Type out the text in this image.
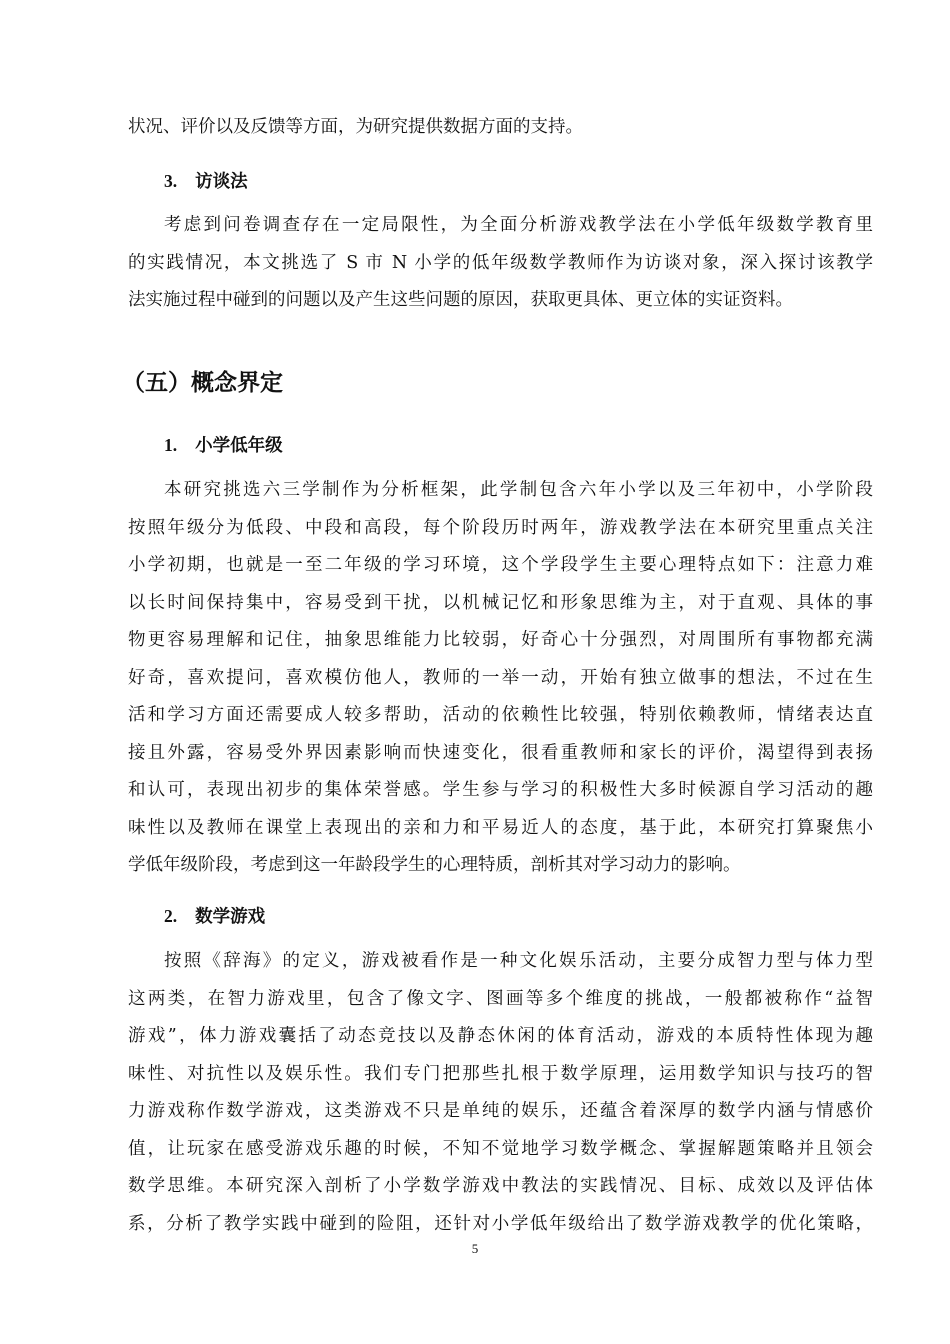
状况、评价以及反馈等方面，为研究提供数据方面的支持。

3. 访谈法

考虑到问卷调查存在一定局限性，为全面分析游戏教学法在小学低年级数学教育里
的实践情况，本文挑选了 S 市 N 小学的低年级数学教师作为访谈对象，深入探讨该教学
法实施过程中碰到的问题以及产生这些问题的原因，获取更具体、更立体的实证资料。

（五）概念界定
1. 小学低年级

本研究挑选六三学制作为分析框架，此学制包含六年小学以及三年初中，小学阶段
按照年级分为低段、中段和高段，每个阶段历时两年，游戏教学法在本研究里重点关注
小学初期，也就是一至二年级的学习环境，这个学段学生主要心理特点如下：注意力难
以长时间保持集中，容易受到干扰，以机械记忆和形象思维为主，对于直观、具体的事
物更容易理解和记住，抽象思维能力比较弱，好奇心十分强烈，对周围所有事物都充满
好奇，喜欢提问，喜欢模仿他人，教师的一举一动，开始有独立做事的想法，不过在生
活和学习方面还需要成人较多帮助，活动的依赖性比较强，特别依赖教师，情绪表达直
接且外露，容易受外界因素影响而快速变化，很看重教师和家长的评价，渴望得到表扬
和认可，表现出初步的集体荣誉感。学生参与学习的积极性大多时候源自学习活动的趣
味性以及教师在课堂上表现出的亲和力和平易近人的态度，基于此，本研究打算聚焦小
学低年级阶段，考虑到这一年龄段学生的心理特质，剖析其对学习动力的影响。

2. 数学游戏

按照《辞海》的定义，游戏被看作是一种文化娱乐活动，主要分成智力型与体力型
这两类，在智力游戏里，包含了像文字、图画等多个维度的挑战，一般都被称作“益智
游戏”，体力游戏囊括了动态竞技以及静态休闲的体育活动，游戏的本质特性体现为趣
味性、对抗性以及娱乐性。我们专门把那些扎根于数学原理，运用数学知识与技巧的智
力游戏称作数学游戏，这类游戏不只是单纯的娱乐，还蕴含着深厚的数学内涵与情感价
值，让玩家在感受游戏乐趣的时候，不知不觉地学习数学概念、掌握解题策略并且领会
数学思维。本研究深入剖析了小学数学游戏中教法的实践情况、目标、成效以及评估体
系，分析了教学实践中碰到的险阻，还针对小学低年级给出了数学游戏教学的优化策略，

5
